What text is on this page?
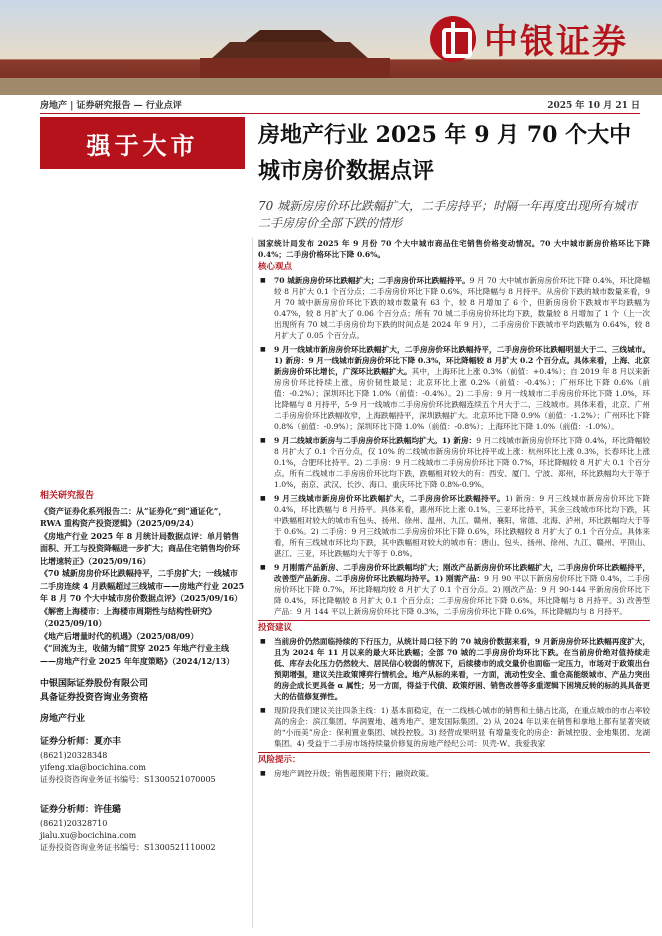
中银证券
房地产 | 证券研究报告 — 行业点评	2025 年 10 月 21 日
强于大市	房地产行业 2025 年 9 月 70 个大中城市房价数据点评
70 城新房房价环比跌幅扩大，二手房持平；时隔一年再度出现所有城市二手房房价全部下跌的情形
国家统计局发布 2025 年 9 月份 70 个大中城市商品住宅销售价格变动情况。70 大中城市新房价格环比下降 0.4%；二手房价格环比下降 0.6%。
核心观点
■ 70 城新房房价环比跌幅扩大；二手房房价环比跌幅持平。9 月 70 大中城市新房房价环比下降 0.4%，环比降幅较 8 月扩大 0.1 个百分点；二手房房价环比下降 0.6%，环比降幅与 8 月持平。从房价下跌的城市数量来看，9 月 70 城中新房房价环比下跌的城市数量有 63 个，较 8 月增加了 6 个，但新房房价下跌城市平均跌幅为 0.47%，较 8 月扩大了 0.06 个百分点；所有 70 城二手房房价环比均下跌，数量较 8 月增加了 1 个（上一次出现所有 70 城二手房房价均下跌的时间点是 2024 年 9 月），二手房房价下跌城市平均跌幅为 0.64%，较 8 月扩大了 0.05 个百分点。
■ 9 月一线城市新房房价环比跌幅扩大，二手房房价环比跌幅持平，二手房房价环比跌幅明显大于二、三线城市。1) 新房：9 月一线城市新房房价环比下降 0.3%，环比降幅较 8 月扩大 0.2 个百分点。具体来看，上海、北京新房房价环比增长，广深环比跌幅扩大。其中，上海环比上涨 0.3%（前值：+0.4%）；自 2019 年 8 月以来新房房价环比持续上涨，房价韧性最足；北京环比上涨 0.2%（前值：-0.4%）；广州环比下降 0.6%（前值：-0.2%）；深圳环比下降 1.0%（前值：-0.4%）。2) 二手房：9 月一线城市二手房房价环比下降 1.0%，环比降幅与 8 月持平，5-9 月一线城市二手房房价环比跌幅连续五个月大于二、三线城市。具体来看，北京、广州二手房房价环比跌幅收窄，上海跌幅持平，深圳跌幅扩大。北京环比下降 0.9%（前值：-1.2%）；广州环比下降 0.8%（前值：-0.9%）；深圳环比下降 1.0%（前值：-0.8%）；上海环比下降 1.0%（前值：-1.0%）。
■ 9 月二线城市新房与二手房房价环比跌幅均扩大。1) 新房：9 月二线城市新房房价环比下降 0.4%，环比降幅较 8 月扩大了 0.1 个百分点，仅 10% 的二线城市新房房价环比持平或上涨：杭州环比上涨 0.3%，长春环比上涨 0.1%，合肥环比持平。2) 二手房：9 月二线城市二手房房价环比下降 0.7%，环比降幅较 8 月扩大 0.1 个百分点。所有二线城市二手房房价环比均下跌，跌幅相对较大的有：西安、厦门、宁波、郑州，环比跌幅均大于等于 1.0%，南京、武汉、长沙、海口、重庆环比下降 0.8%-0.9%。
■ 9 月三线城市新房房价环比跌幅扩大，二手房房价环比跌幅持平。1) 新房：9 月三线城市新房房价环比下降 0.4%，环比跌幅与 8 月持平。具体来看，惠州环比上涨 0.1%，三亚环比持平，其余三线城市环比均下跌，其中跌幅相对较大的城市有包头、扬州、徐州、温州、九江、赣州、襄阳、常德、北海、泸州，环比跌幅均大于等于 0.6%。2) 二手房：9 月三线城市二手房房价环比下降 0.6%，环比跌幅较 8 月扩大了 0.1 个百分点。具体来看，所有三线城市环比均下跌，其中跌幅相对较大的城市有：唐山、包头、扬州、徐州、九江、赣州、平顶山、湛江、三亚，环比跌幅均大于等于 0.8%。
■ 9 月刚需产品新房、二手房房价环比跌幅均扩大；刚改产品新房房价环比跌幅扩大，二手房房价环比跌幅持平，改善型产品新房、二手房房价环比跌幅均持平。1) 刚需产品：9 月 90 平以下新房房价环比下降 0.4%，二手房房价环比下降 0.7%，环比降幅均较 8 月扩大了 0.1 个百分点。2) 刚改产品：9 月 90-144 平新房房价环比下降 0.4%，环比降幅较 8 月扩大 0.1 个百分点；二手房房价环比下降 0.6%，环比降幅与 8 月持平。3) 改善型产品：9 月 144 平以上新房房价环比下降 0.3%，二手房房价环比下降 0.6%，环比降幅均与 8 月持平。
投资建议
■ 当前房价仍然面临持续的下行压力，从统计局口径下的 70 城房价数据来看，9 月新房房价环比跌幅再度扩大，且为 2024 年 11 月以来的最大环比跌幅；全部 70 城的二手房房价均环比下跌。在当前房价绝对值持续走低、库存去化压力仍然较大、居民信心较弱的情况下，后续楼市的成交量价也面临一定压力，市场对于政策出台预期增强，建议关注政策博弈行情机会。地产从标的来看，一方面，流动性安全、重仓高能级城市、产品力突出的房企成长更具备 α 属性；另一方面，得益于代债、政策纾困、销售改善等多重逻辑下困境反转的标的具具备更大的估值修复弹性。
■ 现阶段我们建议关注四条主线：1) 基本面稳定，在一二线核心城市的销售和土储占比高，在重点城市的市占率较高的房企：滨江集团、华润置地、越秀地产、建发国际集团。2) 从 2024 年以来在销售和拿地上都有显著突破的“小而美”房企：保利置业集团、城投控股。3) 经营成果明显 有增量变化的房企：新城控股、金地集团、龙湖集团。4) 受益于二手房市场持续量价修复的房地产经纪公司：贝壳-W、我爱我家
风险提示：
■ 房地产调控升级；销售超预期下行；融资政策。
相关研究报告
《资产证券化系列报告二：从“证券化”到“通证化”，RWA 重构资产投资逻辑》（2025/09/24）
《房地产行业 2025 年 8 月统计局数据点评：单月销售面积、开工与投资降幅进一步扩大；商品住宅销售均价环比增速转正》（2025/09/16）
《70 城新房房价环比跌幅持平，二手房扩大；一线城市二手房连续 4 月跌幅超过三线城市——房地产行业 2025 年 8 月 70 个大中城市房价数据点评》（2025/09/16）
《解密上海楼市：上海楼市周期性与结构性研究》（2025/09/10）
《地产后增量时代的机遇》（2025/08/09）
《“回流为主，收储为辅”贯穿 2025 年地产行业主线——房地产行业 2025 年年度策略》（2024/12/13）
中银国际证券股份有限公司
具备证券投资咨询业务资格
房地产行业
证券分析师：夏亦丰
(8621)20328348
yifeng.xia@bocichina.com
证券投资咨询业务证书编号：S1300521070005
证券分析师：许佳璐
(8621)20328710
jialu.xu@bocichina.com
证券投资咨询业务证书编号：S1300521110002
